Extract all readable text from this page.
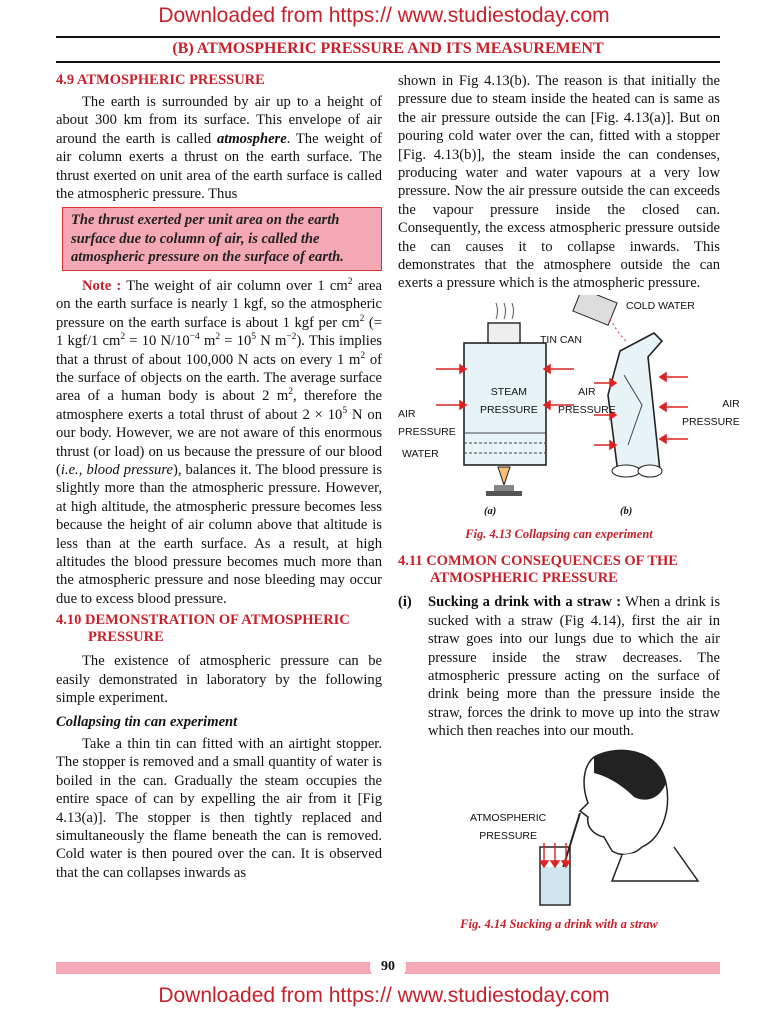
Downloaded from https:// www.studiestoday.com
(B) ATMOSPHERIC PRESSURE AND ITS MEASUREMENT
4.9 ATMOSPHERIC PRESSURE

The earth is surrounded by air up to a height of about 300 km from its surface. This envelope of air around the earth is called atmosphere. The weight of air column exerts a thrust on the earth surface. The thrust exerted on unit area of the earth surface is called the atmospheric pressure. Thus

The thrust exerted per unit area on the earth surface due to column of air, is called the atmospheric pressure on the surface of earth.

Note : The weight of air column over 1 $cm^2$ area on the earth surface is nearly 1 kgf, so the atmospheric pressure on the earth surface is about 1 kgf per $cm^2$ (= 1 kgf/1 $cm^2 = 10$ $N/10^{-4}$ $m^2 = 10^5$ N $m^{-2}$). This implies that a thrust of about 100,000 N acts on every 1 $m^2$ of the surface of objects on the earth. The average surface area of a human body is about 2 $m^2$, therefore the atmosphere exerts a total thrust of about $2 \times 10^5$ N on our body. However, we are not aware of this enormous thrust (or load) on us because the pressure of our blood (i.e., blood pressure), balances it. The blood pressure is slightly more than the atmospheric pressure. However, at high altitude, the atmospheric pressure becomes less because the height of air column above that altitude is less than at the earth surface. As a result, at high altitudes the blood pressure becomes much more than the atmospheric pressure and nose bleeding may occur due to excess blood pressure.

4.10 DEMONSTRATION OF ATMOSPHERIC
PRESSURE

The existence of atmospheric pressure can be easily demonstrated in laboratory by the following simple experiment.

Collapsing tin can experiment

Take a thin tin can fitted with an airtight stopper. The stopper is removed and a small quantity of water is boiled in the can. Gradually the steam occupies the entire space of can by expelling the air from it [Fig 4.13(a)]. The stopper is then tightly replaced and simultaneously the flame beneath the can is removed. Cold water is then poured over the can. It is observed that the can collapses inwards as

shown in Fig 4.13(b). The reason is that initially the pressure due to steam inside the heated can is same as the air pressure outside the can [Fig. 4.13(a)]. But on pouring cold water over the can, fitted with a stopper [Fig. 4.13(b)], the steam inside the can condenses, producing water and water vapours at a very low pressure. Now the air pressure outside the can exceeds the vapour pressure inside the closed can. Consequently, the excess atmospheric pressure outside the can causes it to collapse inwards. This demonstrates that the atmosphere outside the can exerts a pressure which is the atmospheric pressure.

COLD WATER
TIN CAN
STEAM
PRESSURE
AIR
PRESSURE
AIR
PRESSURE
AIR
PRESSURE
WATER
(a)	(b)
Fig. 4.13 Collapsing can experiment
4.11 COMMON CONSEQUENCES OF THE
ATMOSPHERIC PRESSURE
(i) Sucking a drink with a straw : When a drink is sucked with a straw (Fig 4.14), first the air in straw goes into our lungs due to which the air pressure inside the straw decreases. The atmospheric pressure acting on the surface of drink being more than the pressure inside the straw, forces the drink to move up into the straw which then reaches into our mouth.
ATMOSPHERIC
PRESSURE
Fig. 4.14 Sucking a drink with a straw
90
Downloaded from https:// www.studiestoday.com
